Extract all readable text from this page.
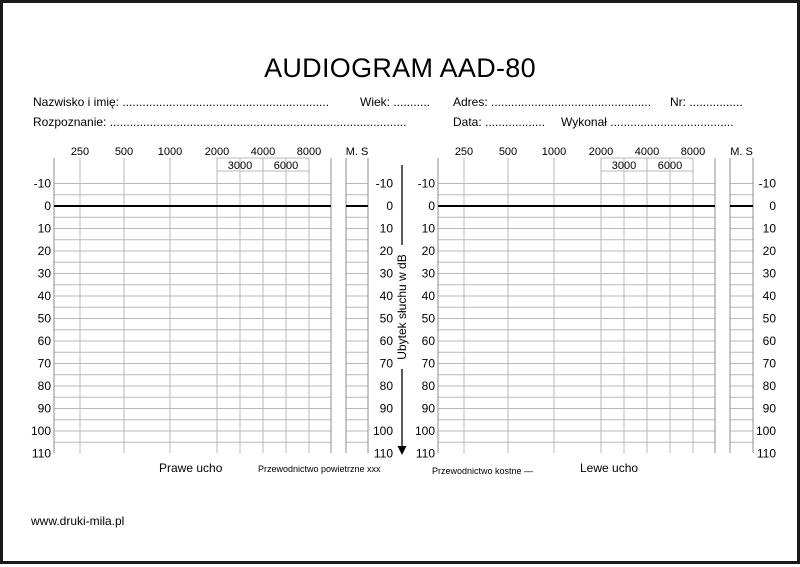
AUDIOGRAM AAD-80
Nazwisko i imię: ..............................................................	Wiek: ........... Adres: ................................................ Nr: ................
Rozpoznanie: .........................................................................................	Data: .................. Wykonał .....................................
250 500 1000 2000 4000 8000
3000 6000
M. S
-10	-10
0	0
10	10
20	20
30	30
40	40
50	50
60	60
70	70
80	80
90	90
100	100
110	110
250 500 1000 2000 4000 8000
3000 6000
M. S
-10	-10
0	0
10	10
20	20
30	30
40	40
50	50
60	60
70	70
80	80
90	90
100	100
110	110
Ubytek słuchu w dB
Prawe ucho	Lewe ucho
Przewodnictwo powietrzne xxx	Przewodnictwo kostne —
www.druki-mila.pl
